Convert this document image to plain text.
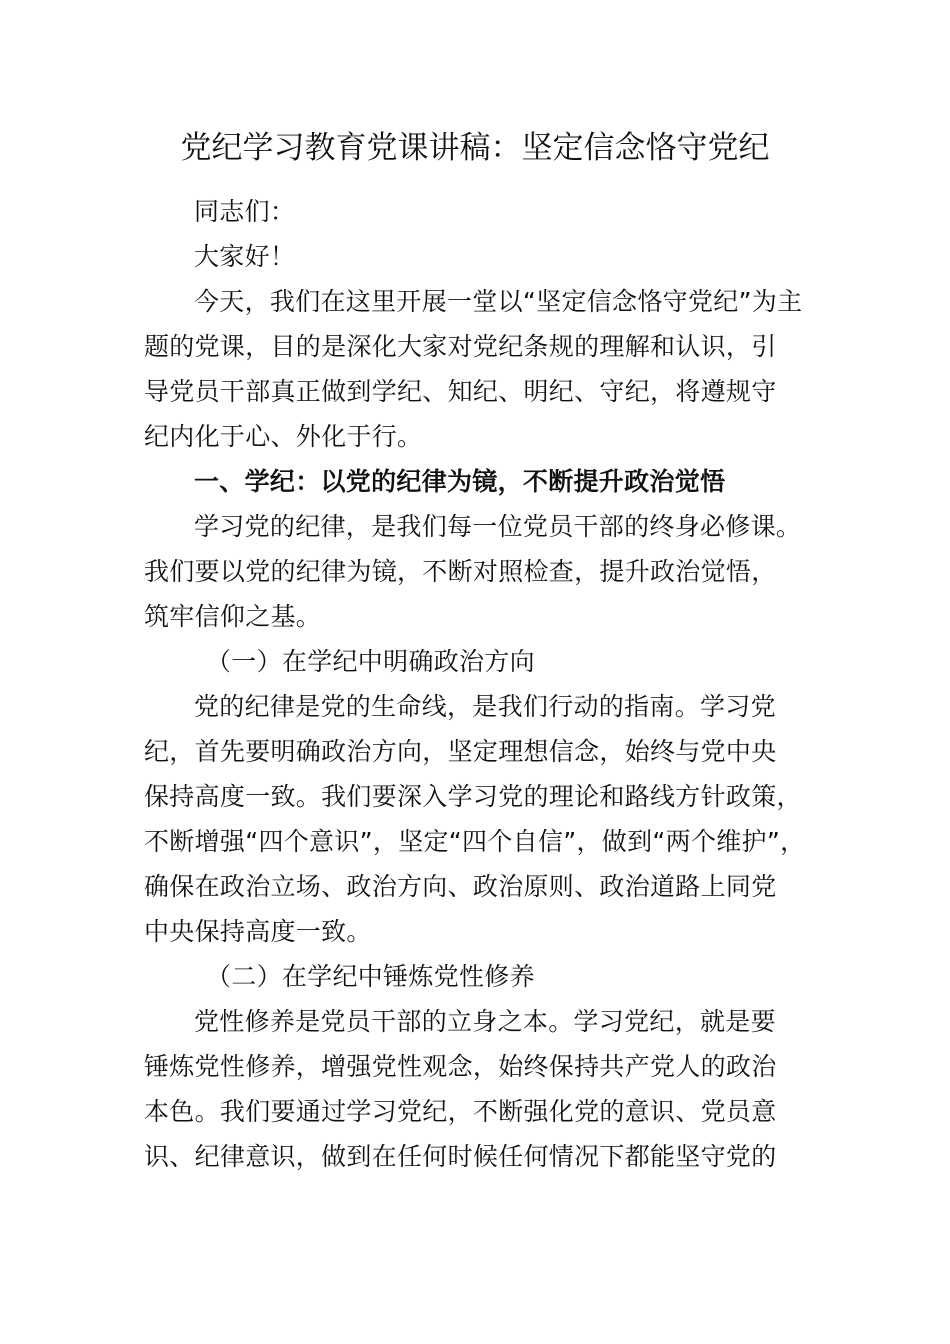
党纪学习教育党课讲稿：坚定信念恪守党纪
同志们：
大家好！
今天，我们在这里开展一堂以“坚定信念恪守党纪”为主
题的党课，目的是深化大家对党纪条规的理解和认识，引
导党员干部真正做到学纪、知纪、明纪、守纪，将遵规守
纪内化于心、外化于行。
一、学纪：以党的纪律为镜，不断提升政治觉悟
学习党的纪律，是我们每一位党员干部的终身必修课。
我们要以党的纪律为镜，不断对照检查，提升政治觉悟，
筑牢信仰之基。
（一）在学纪中明确政治方向
党的纪律是党的生命线，是我们行动的指南。学习党
纪，首先要明确政治方向，坚定理想信念，始终与党中央
保持高度一致。我们要深入学习党的理论和路线方针政策，
不断增强“四个意识”，坚定“四个自信”，做到“两个维护”，
确保在政治立场、政治方向、政治原则、政治道路上同党
中央保持高度一致。
（二）在学纪中锤炼党性修养
党性修养是党员干部的立身之本。学习党纪，就是要
锤炼党性修养，增强党性观念，始终保持共产党人的政治
本色。我们要通过学习党纪，不断强化党的意识、党员意
识、纪律意识，做到在任何时候任何情况下都能坚守党的
